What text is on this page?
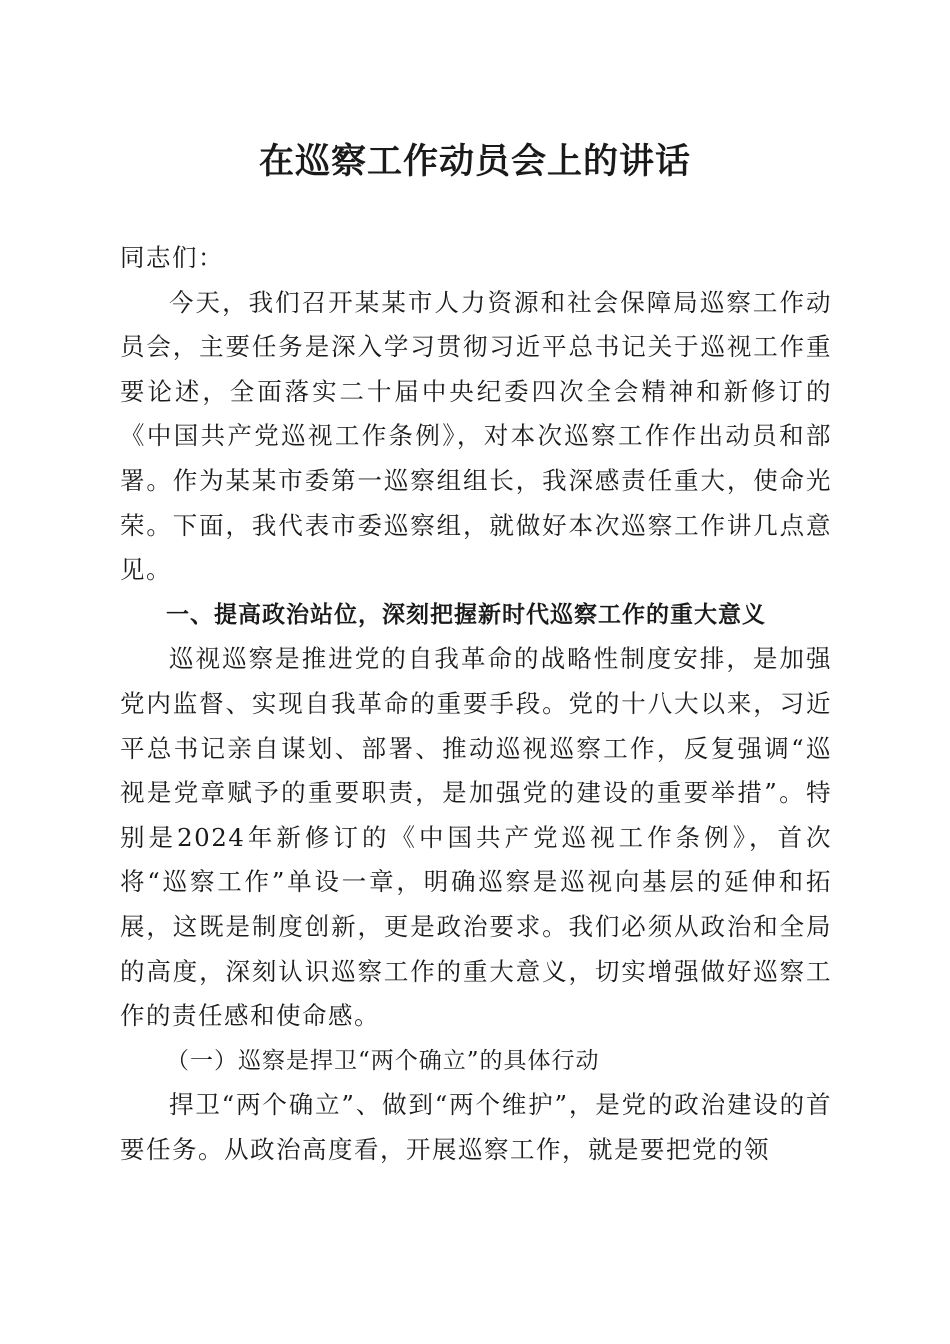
在巡察工作动员会上的讲话

同志们：

今天，我们召开某某市人力资源和社会保障局巡察工作动员会，主要任务是深入学习贯彻习近平总书记关于巡视工作重要论述，全面落实二十届中央纪委四次全会精神和新修订的《中国共产党巡视工作条例》，对本次巡察工作作出动员和部署。作为某某市委第一巡察组组长，我深感责任重大，使命光荣。下面，我代表市委巡察组，就做好本次巡察工作讲几点意见。

一、提高政治站位，深刻把握新时代巡察工作的重大意义

巡视巡察是推进党的自我革命的战略性制度安排，是加强党内监督、实现自我革命的重要手段。党的十八大以来，习近平总书记亲自谋划、部署、推动巡视巡察工作，反复强调“巡视是党章赋予的重要职责，是加强党的建设的重要举措”。特别是2024年新修订的《中国共产党巡视工作条例》，首次将“巡察工作”单设一章，明确巡察是巡视向基层的延伸和拓展，这既是制度创新，更是政治要求。我们必须从政治和全局的高度，深刻认识巡察工作的重大意义，切实增强做好巡察工作的责任感和使命感。

（一）巡察是捍卫“两个确立”的具体行动

捍卫“两个确立”、做到“两个维护”，是党的政治建设的首要任务。从政治高度看，开展巡察工作，就是要把党的领
